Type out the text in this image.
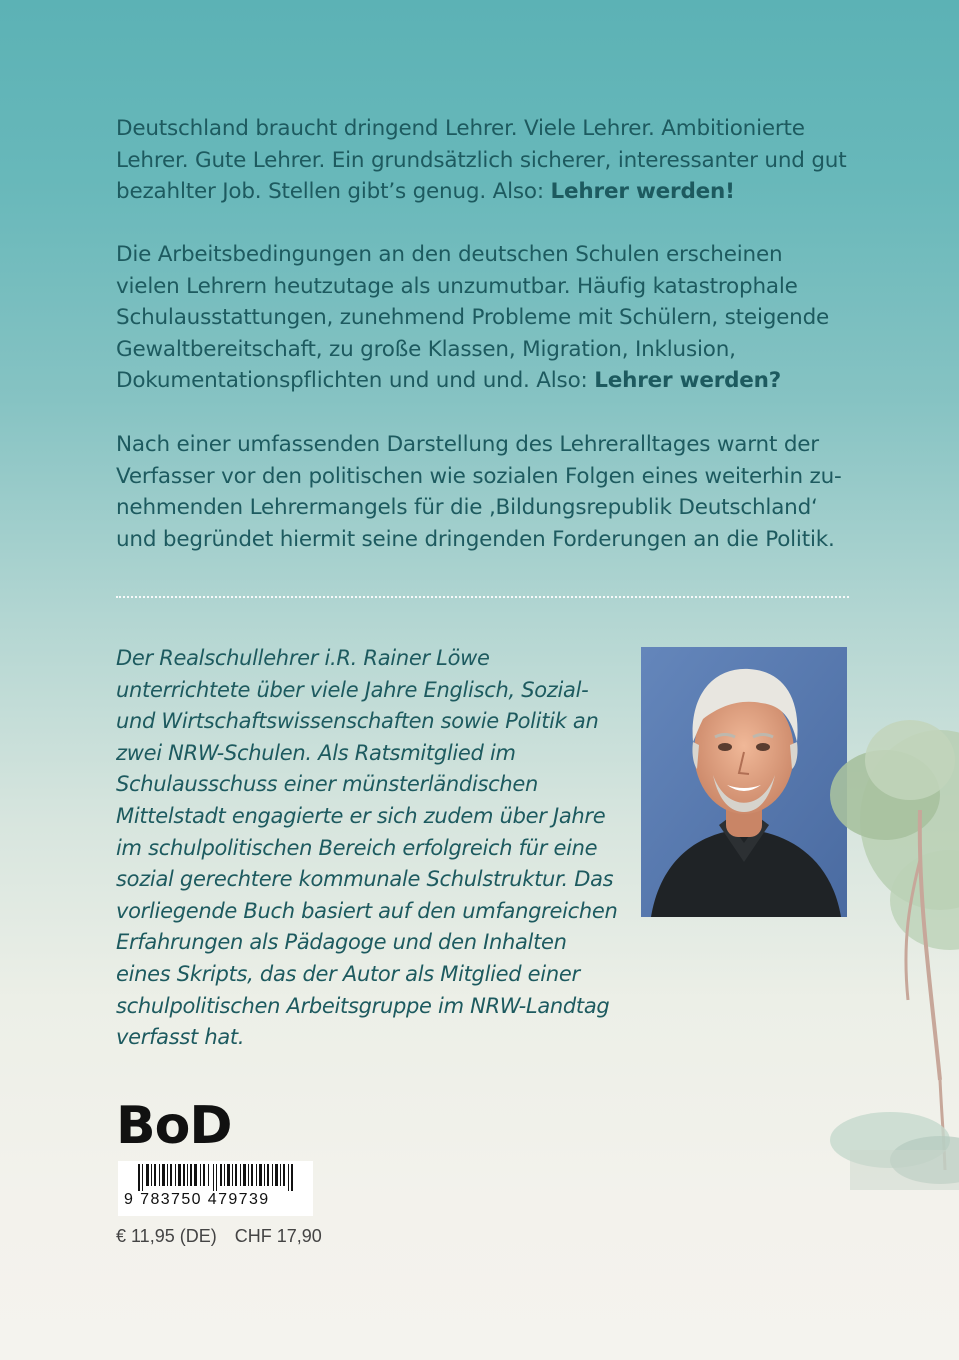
Deutschland braucht dringend Lehrer. Viele Lehrer. Ambitionierte Lehrer. Gute Lehrer. Ein grundsätzlich sicherer, interessanter und gut bezahlter Job. Stellen gibt’s genug. Also: Lehrer werden!
Die Arbeitsbedingungen an den deutschen Schulen erscheinen vielen Lehrern heutzutage als unzumutbar. Häufig katastrophale Schulausstattungen, zunehmend Probleme mit Schülern, steigende Gewaltbereitschaft, zu große Klassen, Migration, Inklusion, Dokumentationspflichten und und und. Also: Lehrer werden?
Nach einer umfassenden Darstellung des Lehreralltages warnt der Verfasser vor den politischen wie sozialen Folgen eines weiterhin zunehmenden Lehrermangels für die ‚Bildungsrepublik Deutschland‘ und begründet hiermit seine dringenden Forderungen an die Politik.
Der Realschullehrer i.R. Rainer Löwe unterrichtete über viele Jahre Englisch, Sozial- und Wirtschaftswissenschaften sowie Politik an zwei NRW-Schulen. Als Ratsmitglied im Schulausschuss einer münsterländischen Mittelstadt engagierte er sich zudem über Jahre im schulpolitischen Bereich erfolgreich für eine sozial gerechtere kommunale Schulstruktur. Das vorliegende Buch basiert auf den umfangreichen Erfahrungen als Pädagoge und den Inhalten eines Skripts, das der Autor als Mitglied einer schulpolitischen Arbeitsgruppe im NRW-Landtag verfasst hat.
BoD
9 783750 479739
€ 11,95 (DE) CHF 17,90
